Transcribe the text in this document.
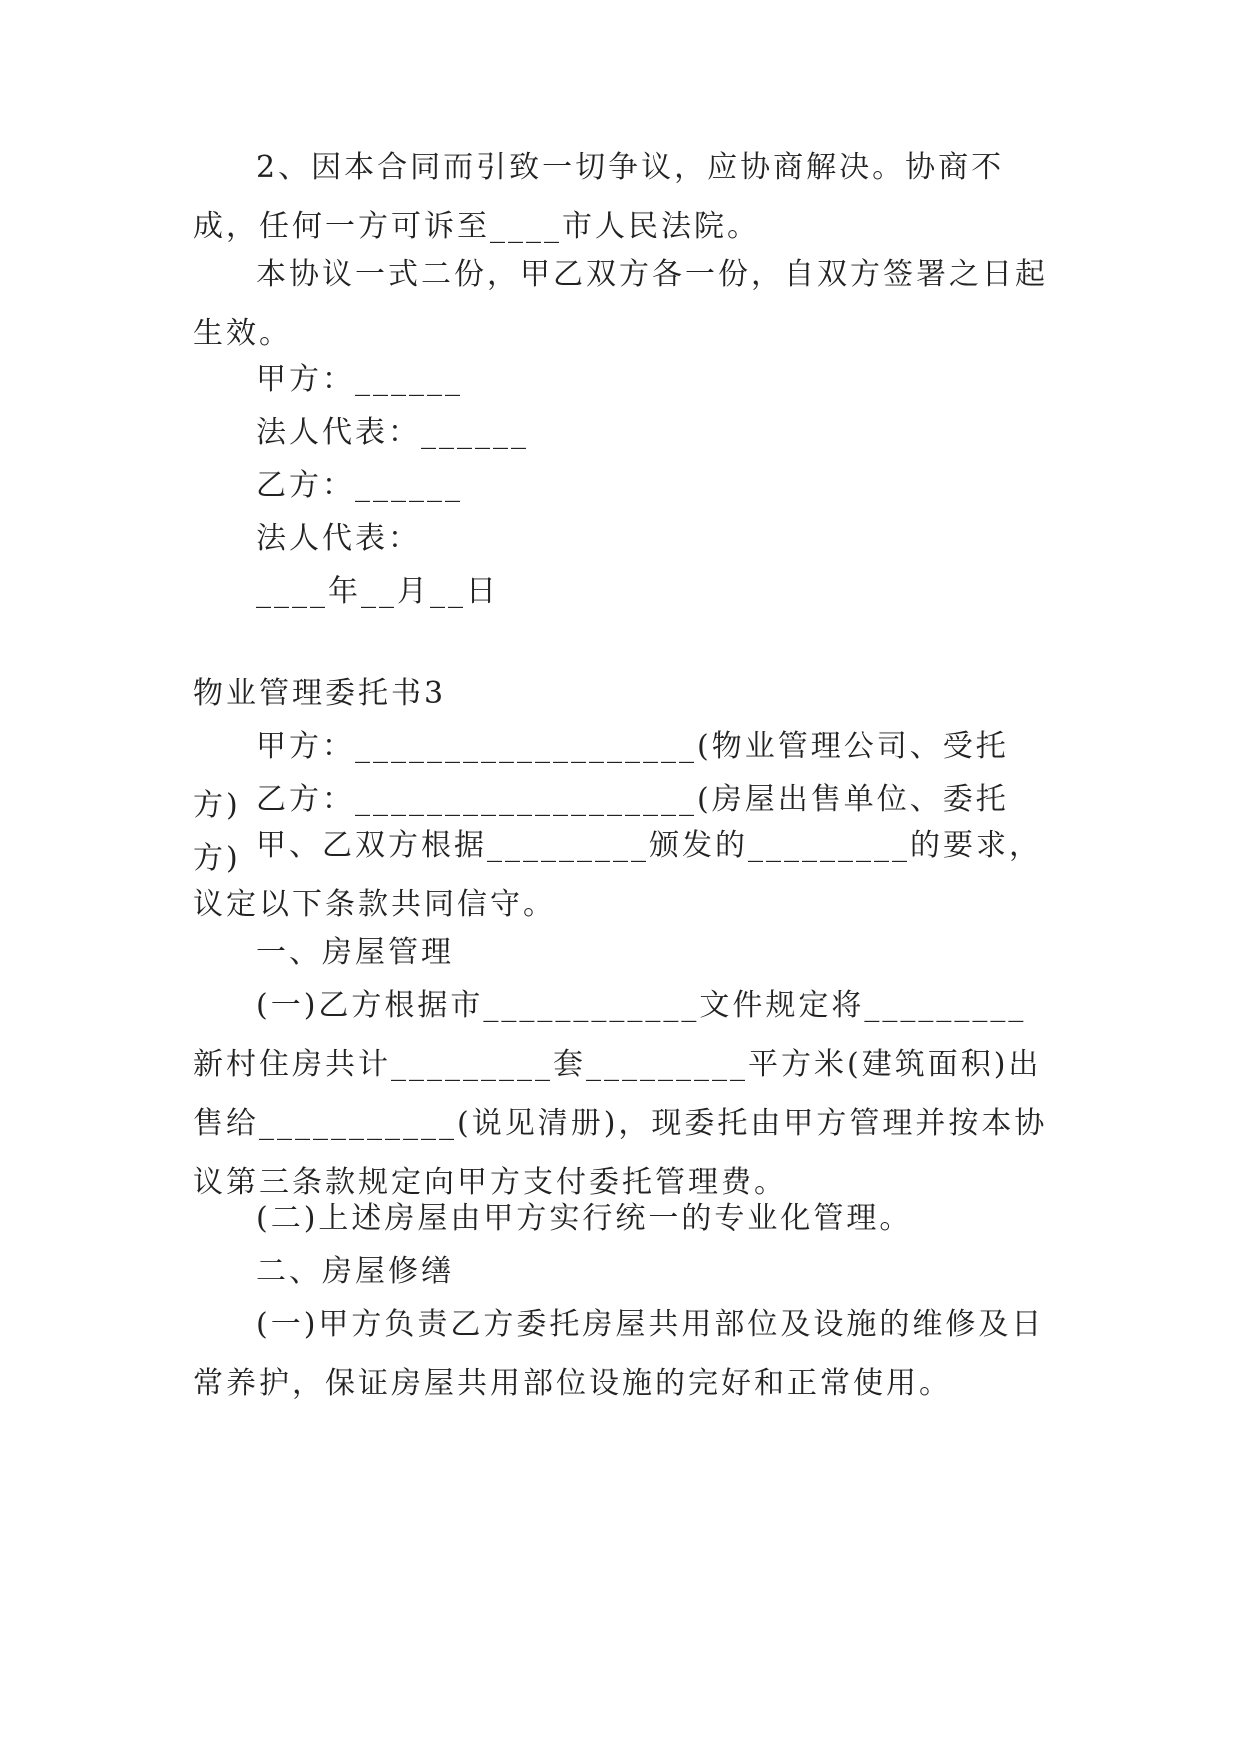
2、因本合同而引致一切争议，应协商解决。协商不成，任何一方可诉至____市人民法院。

本协议一式二份，甲乙双方各一份，自双方签署之日起生效。

甲方：______

法人代表：______

乙方：______

法人代表：

____年__月__日

物业管理委托书3

甲方：___________________(物业管理公司、受托方) 乙方：___________________(房屋出售单位、委托方) 甲、乙双方根据_________颁发的_________的要求，议定以下条款共同信守。

一、房屋管理

(一)乙方根据市____________文件规定将_________新村住房共计_________套_________平方米(建筑面积)出售给___________(说见清册)，现委托由甲方管理并按本协议第三条款规定向甲方支付委托管理费。

(二)上述房屋由甲方实行统一的专业化管理。

二、房屋修缮

(一)甲方负责乙方委托房屋共用部位及设施的维修及日常养护，保证房屋共用部位设施的完好和正常使用。
